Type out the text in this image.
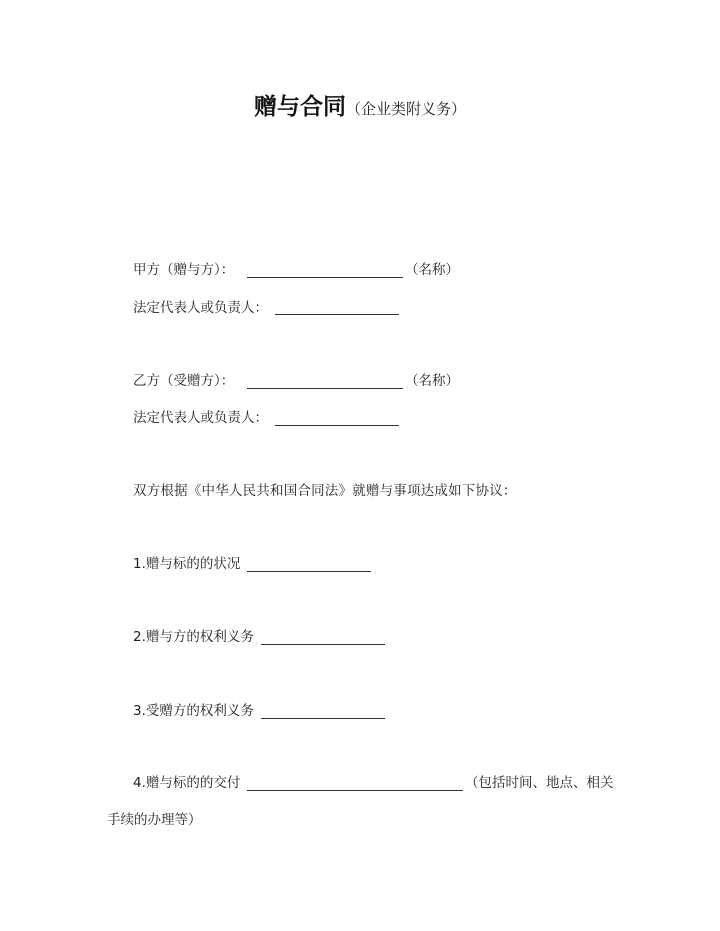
赠与合同（企业类附义务）
甲方（赠与方）：	（名称）
法定代表人或负责人：
乙方（受赠方）：	（名称）
法定代表人或负责人：
双方根据《中华人民共和国合同法》就赠与事项达成如下协议：
1.赠与标的的状况
2.赠与方的权利义务
3.受赠方的权利义务
4.赠与标的的交付	（包括时间、地点、相关
手续的办理等）
